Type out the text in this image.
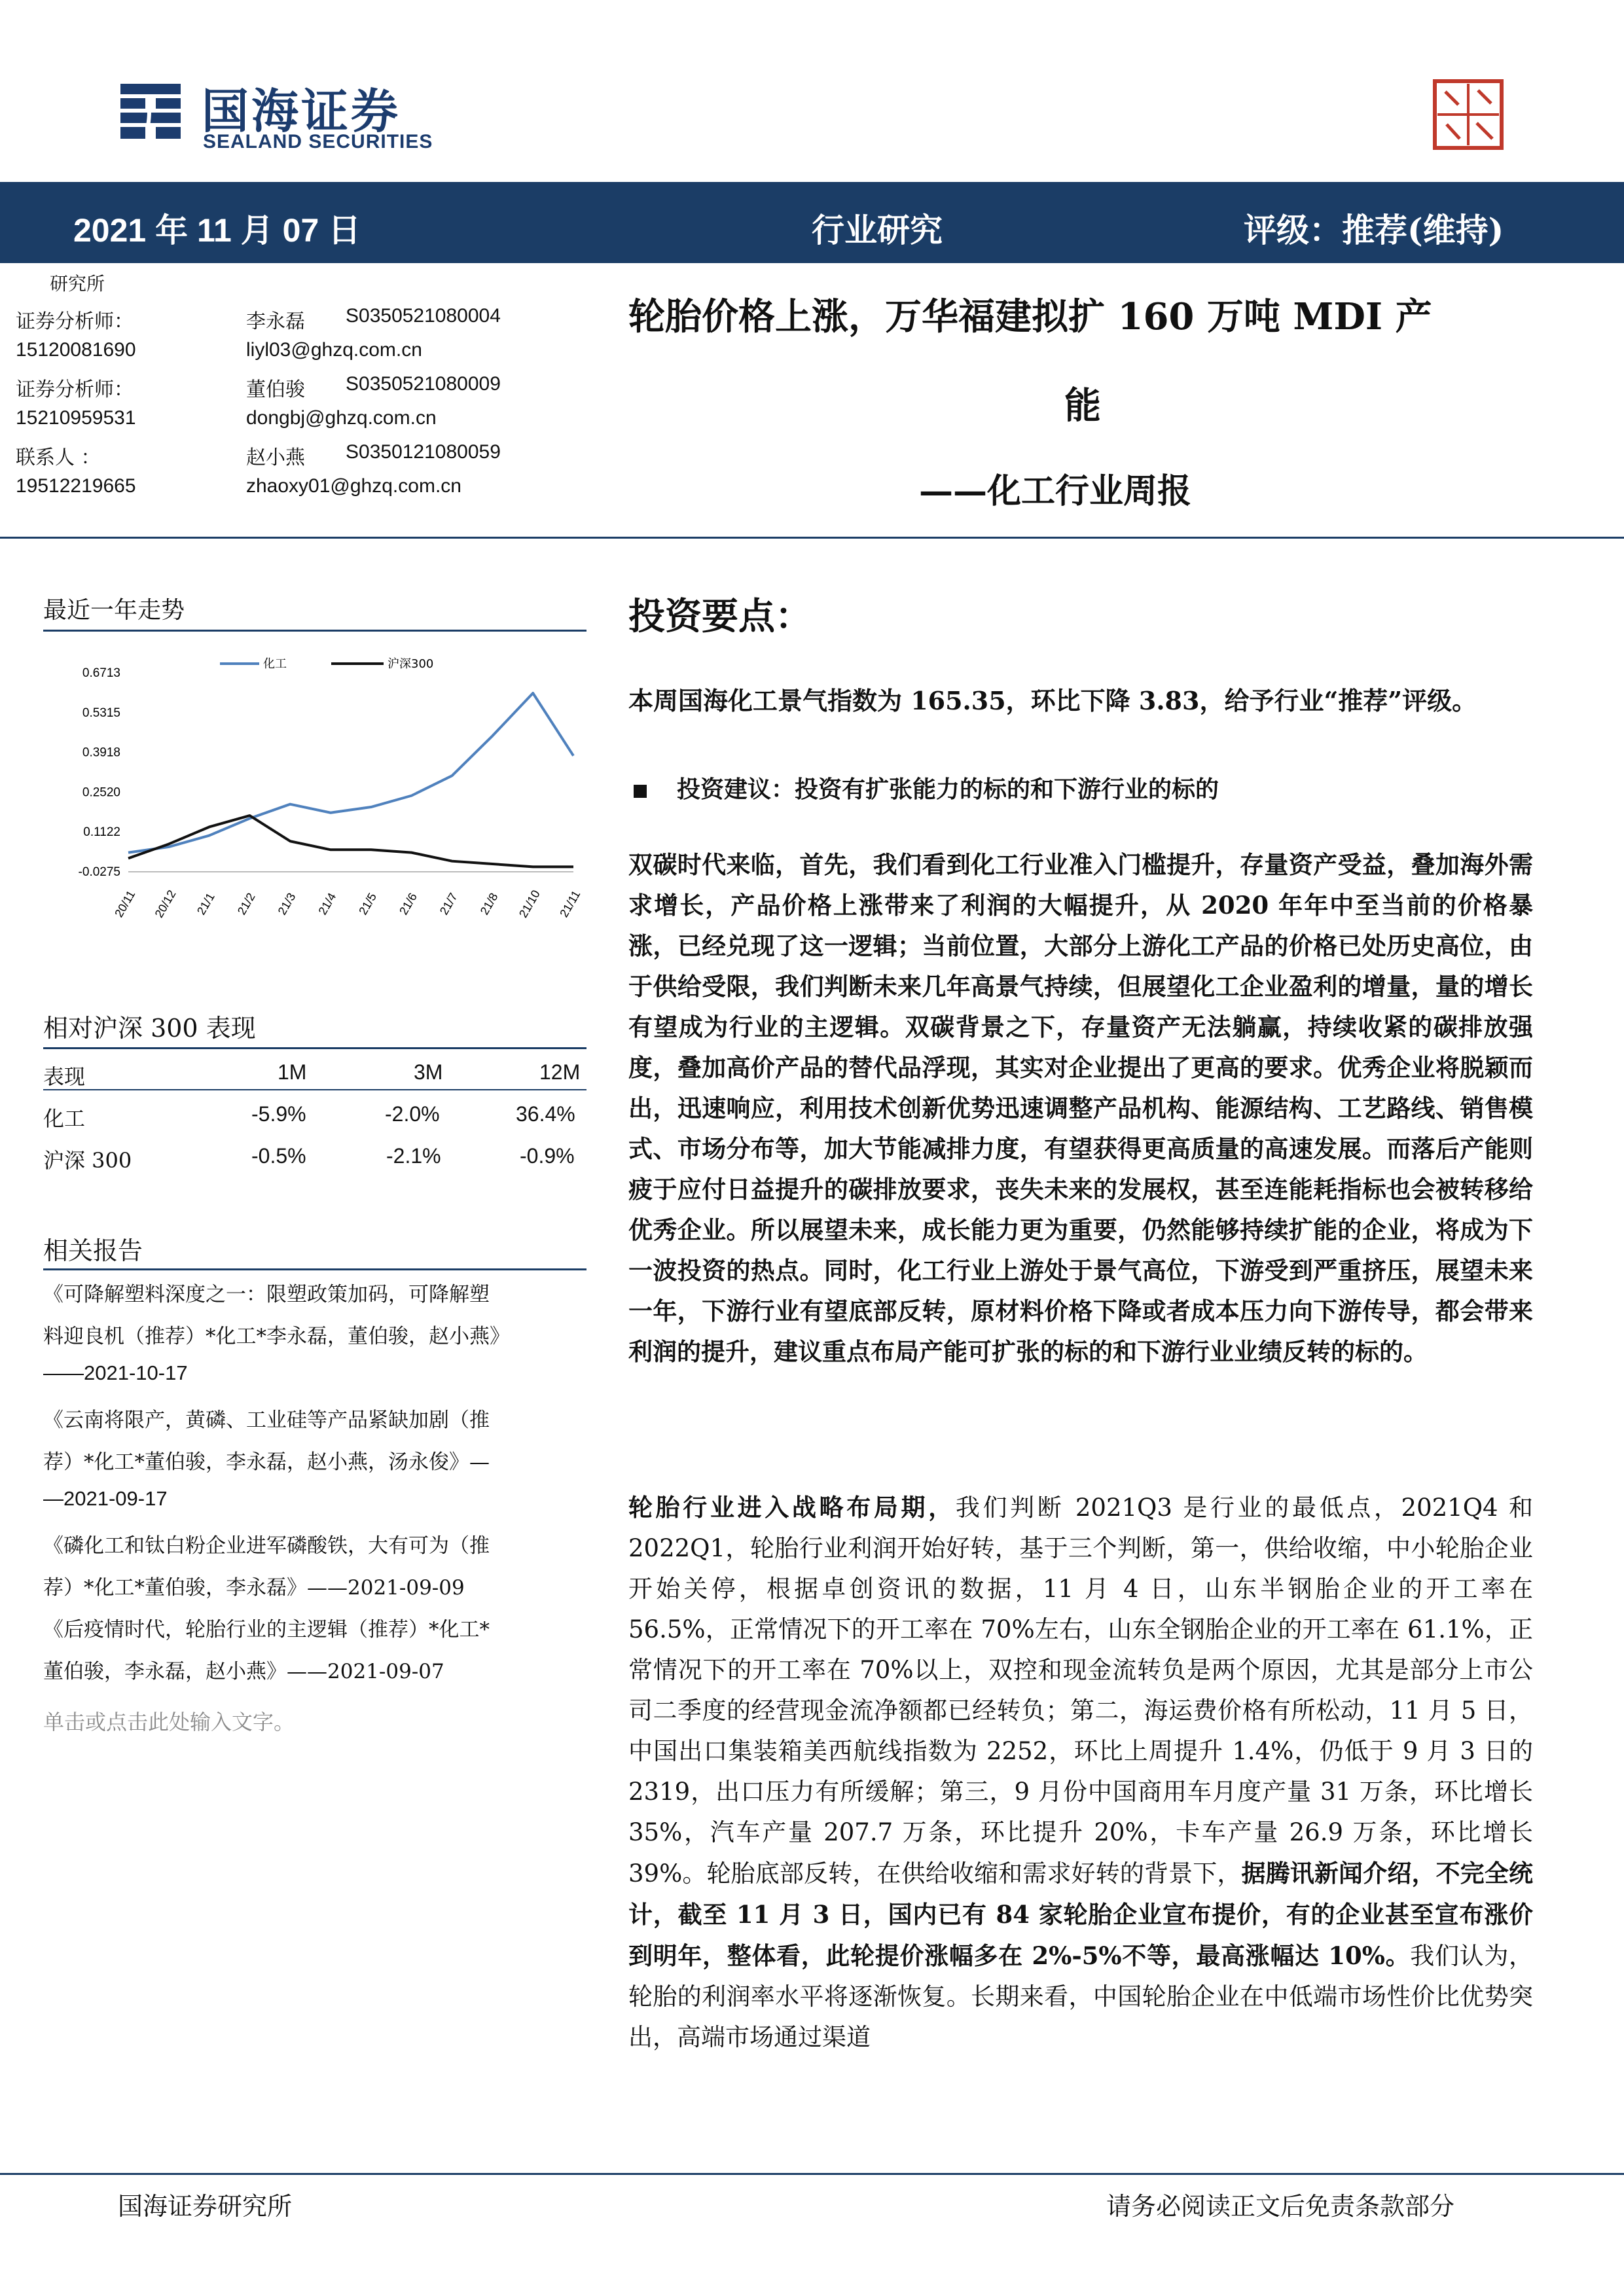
国海证券
SEALAND SECURITIES
2021 年 11 月 07 日	行业研究	评级：推荐(维持)
研究所
证券分析师：	李永磊 S0350521080004
15120081690	liyl03@ghzq.com.cn
证券分析师：	董伯骏 S0350521080009
15210959531	dongbj@ghzq.com.cn
联系人 ：	赵小燕 S0350121080059
19512219665	zhaoxy01@ghzq.com.cn
轮胎价格上涨，万华福建拟扩 160 万吨 MDI 产
能
——化工行业周报
最近一年走势
化工	沪深300
0.6713
0.5315
0.3918
0.2520
0.1122
-0.0275
20/11 20/12 21/1 21/2 21/3 21/4 21/5 21/6 21/7 21/8 21/10 21/11
相对沪深 300 表现
表现	1M	3M	12M
化工	-5.9%	-2.0%	36.4%
沪深 300	-0.5%	-2.1%	-0.9%
相关报告
《可降解塑料深度之一：限塑政策加码，可降解塑
料迎良机（推荐）*化工*李永磊，董伯骏，赵小燕》
——2021-10-17
《云南将限产，黄磷、工业硅等产品紧缺加剧（推
荐）*化工*董伯骏，李永磊，赵小燕，汤永俊》—
—2021-09-17
《磷化工和钛白粉企业进军磷酸铁，大有可为（推
荐）*化工*董伯骏，李永磊》——2021-09-09
《后疫情时代，轮胎行业的主逻辑（推荐）*化工*
董伯骏，李永磊，赵小燕》——2021-09-07
单击或点击此处输入文字。
投资要点：
本周国海化工景气指数为 165.35，环比下降 3.83，给予行业“推荐”评级。
投资建议：投资有扩张能力的标的和下游行业的标的

双碳时代来临，首先，我们看到化工行业准入门槛提升，存量资产受益，叠加海外需求增长，产品价格上涨带来了利润的大幅提升，从 2020 年年中至当前的价格暴涨，已经兑现了这一逻辑；当前位置，大部分上游化工产品的价格已处历史高位，由于供给受限，我们判断未来几年高景气持续，但展望化工企业盈利的增量，量的增长有望成为行业的主逻辑。双碳背景之下，存量资产无法躺赢，持续收紧的碳排放强度，叠加高价产品的替代品浮现，其实对企业提出了更高的要求。优秀企业将脱颖而出，迅速响应，利用技术创新优势迅速调整产品机构、能源结构、工艺路线、销售模式、市场分布等，加大节能减排力度，有望获得更高质量的高速发展。而落后产能则疲于应付日益提升的碳排放要求，丧失未来的发展权，甚至连能耗指标也会被转移给优秀企业。所以展望未来，成长能力更为重要，仍然能够持续扩能的企业，将成为下一波投资的热点。同时，化工行业上游处于景气高位，下游受到严重挤压，展望未来一年，下游行业有望底部反转，原材料价格下降或者成本压力向下游传导，都会带来利润的提升，建议重点布局产能可扩张的标的和下游行业业绩反转的标的。

轮胎行业进入战略布局期，我们判断 2021Q3 是行业的最低点，2021Q4 和 2022Q1，轮胎行业利润开始好转，基于三个判断，第一，供给收缩，中小轮胎企业开始关停，根据卓创资讯的数据，11 月 4 日，山东半钢胎企业的开工率在 56.5%，正常情况下的开工率在 70%左右，山东全钢胎企业的开工率在 61.1%，正常情况下的开工率在 70%以上，双控和现金流转负是两个原因，尤其是部分上市公司二季度的经营现金流净额都已经转负；第二，海运费价格有所松动，11 月 5 日，中国出口集装箱美西航线指数为 2252，环比上周提升 1.4%，仍低于 9 月 3 日的 2319，出口压力有所缓解；第三，9 月份中国商用车月度产量 31 万条，环比增长 35%，汽车产量 207.7 万条，环比提升 20%，卡车产量 26.9 万条，环比增长 39%。轮胎底部反转，在供给收缩和需求好转的背景下，据腾讯新闻介绍，不完全统计，截至 11 月 3 日，国内已有 84 家轮胎企业宣布提价，有的企业甚至宣布涨价到明年，整体看，此轮提价涨幅多在 2%-5%不等，最高涨幅达 10%。我们认为，轮胎的利润率水平将逐渐恢复。长期来看，中国轮胎企业在中低端市场性价比优势突出，高端市场通过渠道

国海证券研究所	请务必阅读正文后免责条款部分
